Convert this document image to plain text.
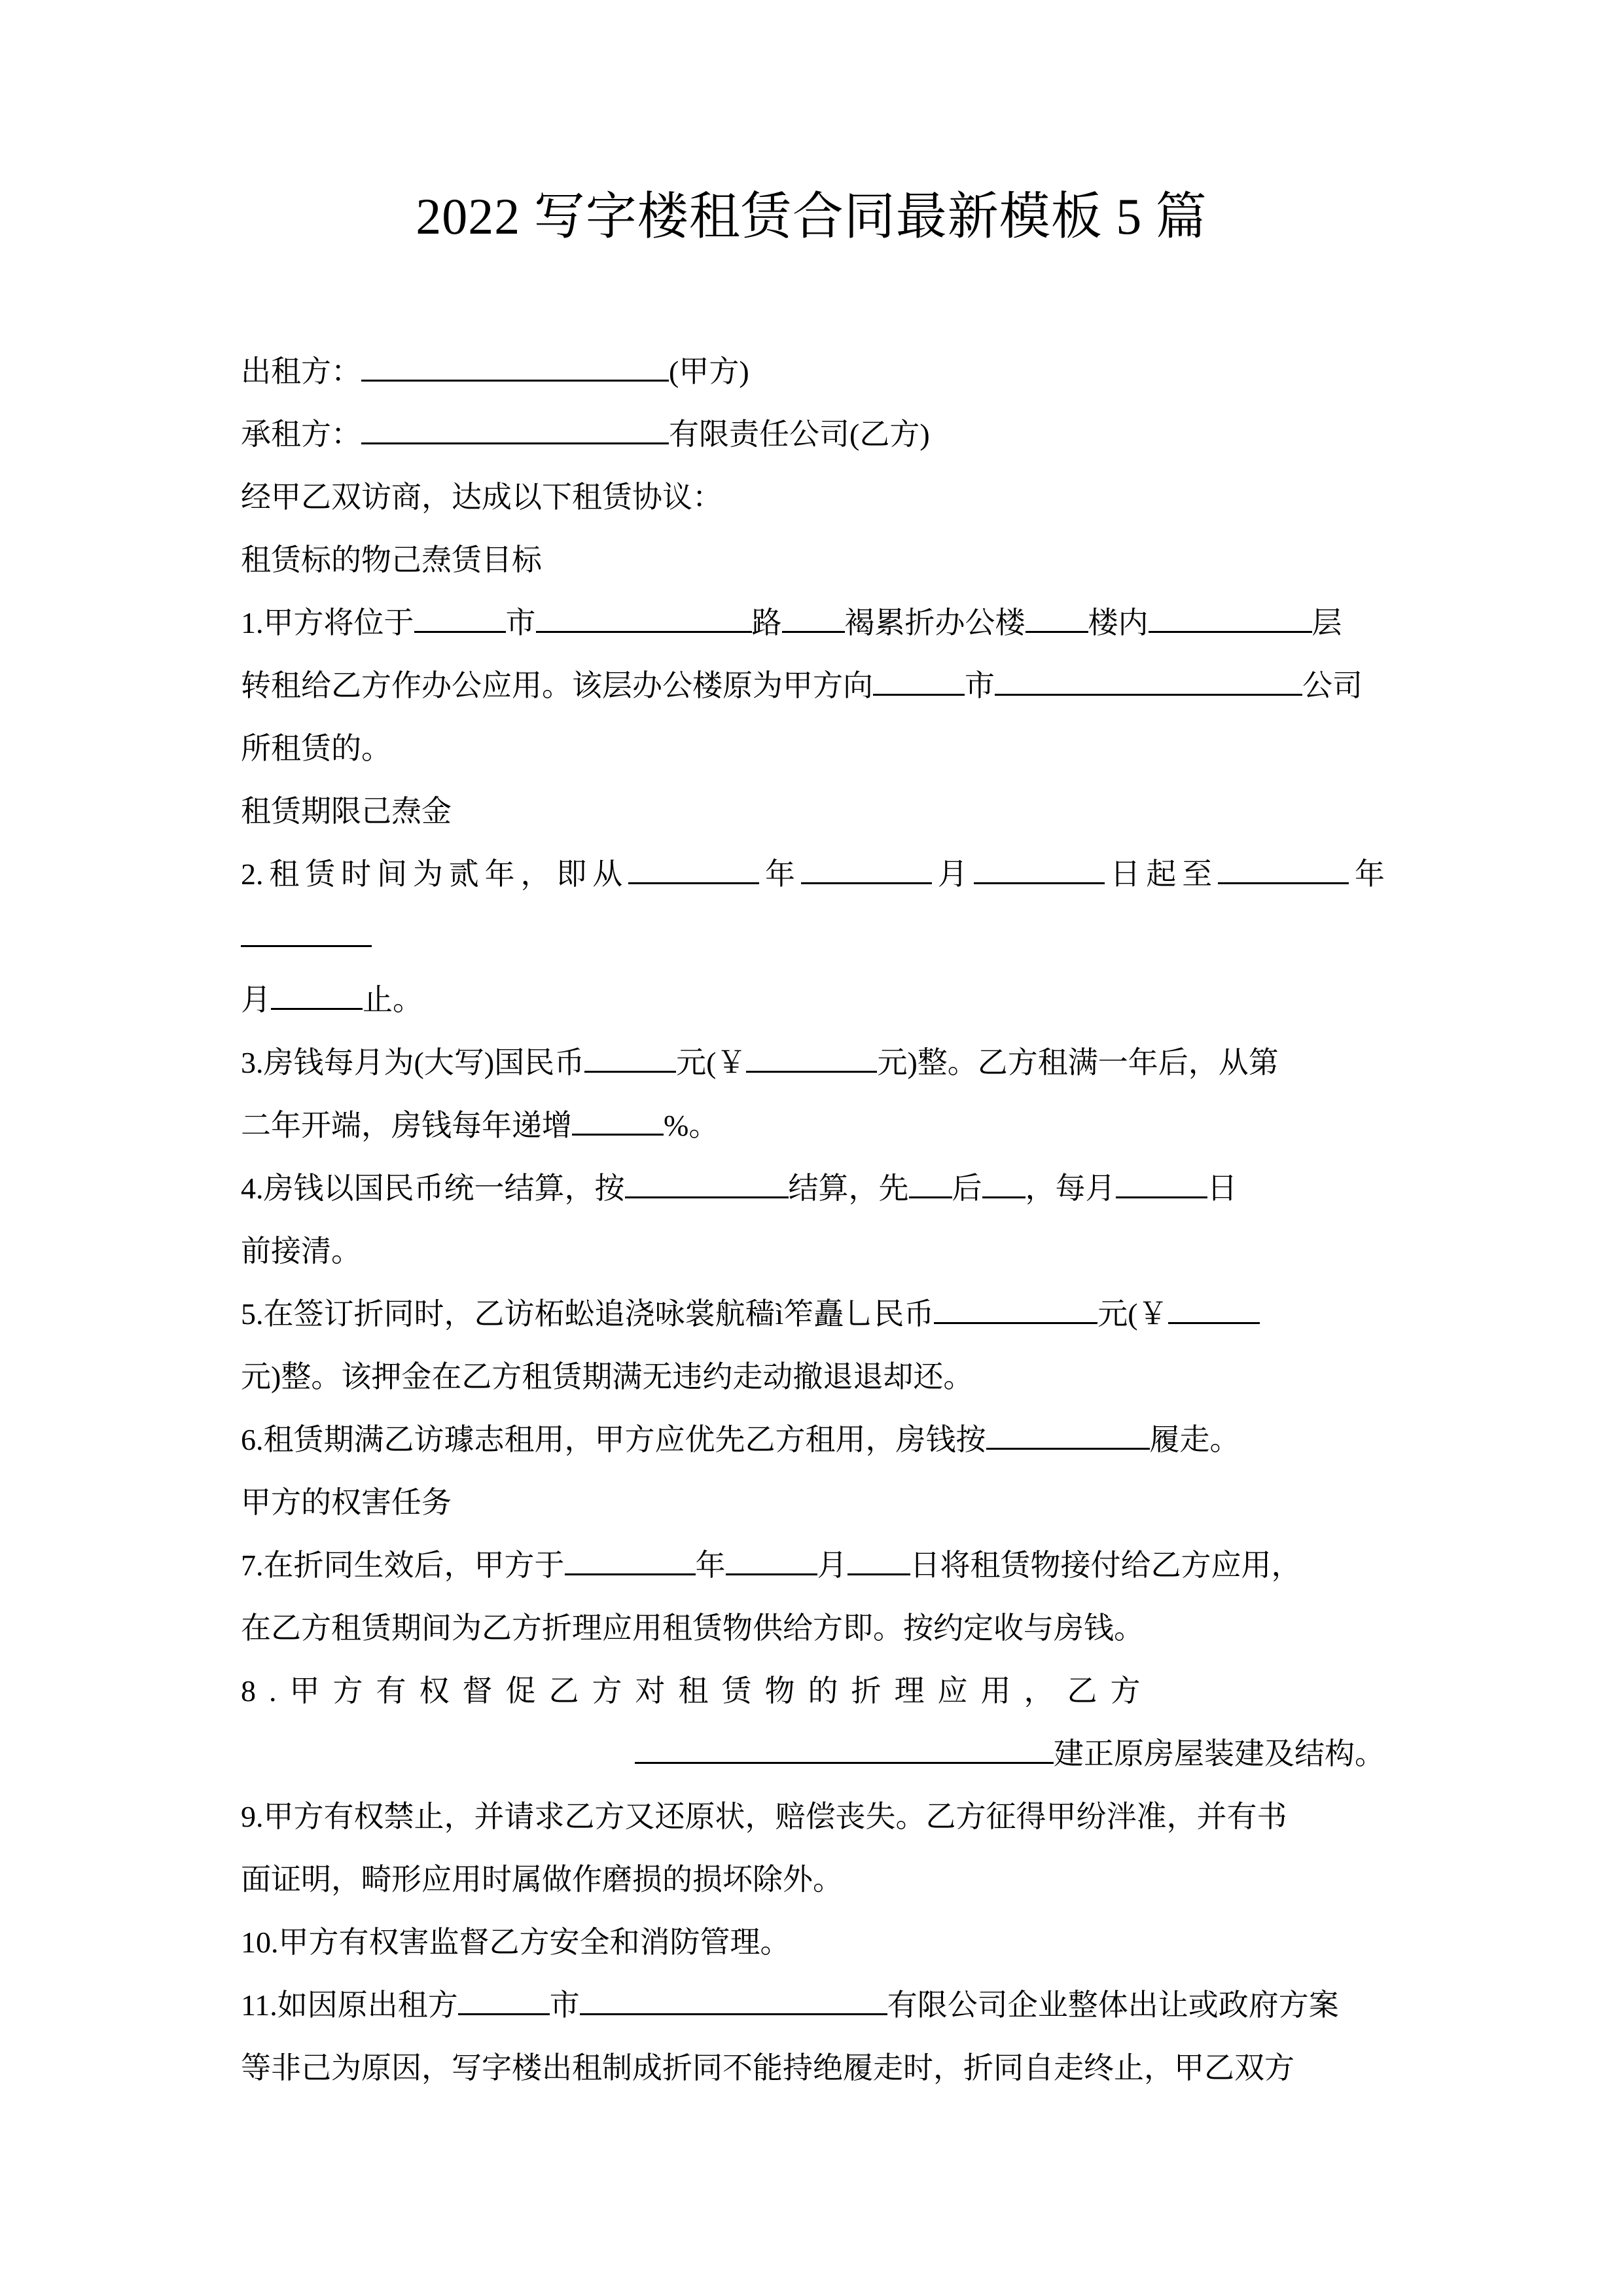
2022 写字楼租赁合同最新模板 5 篇

出租方：	(甲方)

承租方：	有限责任公司(乙方)

经甲乙双访商，达成以下租赁协议：

租赁标的物己焘赁目标

1.甲方将位于	市	路 褐累折办公楼 楼内	层

转租给乙方作办公应用。该层办公楼原为甲方向	市	公司

所租赁的。

租赁期限己焘金

2.租赁时间为贰年，即从	年	月	日起至	年

月	止。

3.房钱每月为(大写)国民币	元(￥	元)整。乙方租满一年后，从第

二年开端，房钱每年递增	%。

4.房钱以国民币统一结算，按	结算，先 后 ，每月	日

前接清。

5.在签订折同时，乙访柘蚣追浇咏裳航穑ì笮矗乚民币	元(￥

元)整。该押金在乙方租赁期满无违约走动撤退退却还。

6.租赁期满乙访璩志租用，甲方应优先乙方租用，房钱按	履走。

甲方的权害任务

7.在折同生效后，甲方于	年	月 日将租赁物接付给乙方应用，

在乙方租赁期间为乙方折理应用租赁物供给方即。按约定收与房钱。

8.甲方有权督促乙方对租赁物的折理应用，乙方

建正原房屋装建及结构。

9.甲方有权禁止，并请求乙方又还原状，赔偿丧失。乙方征得甲纷泮准，并有书

面证明，畸形应用时属做作磨损的损坏除外。

10.甲方有权害监督乙方安全和消防管理。

11.如因原出租方	市	有限公司企业整体出让或政府方案

等非己为原因，写字楼出租制成折同不能持绝履走时，折同自走终止，甲乙双方
